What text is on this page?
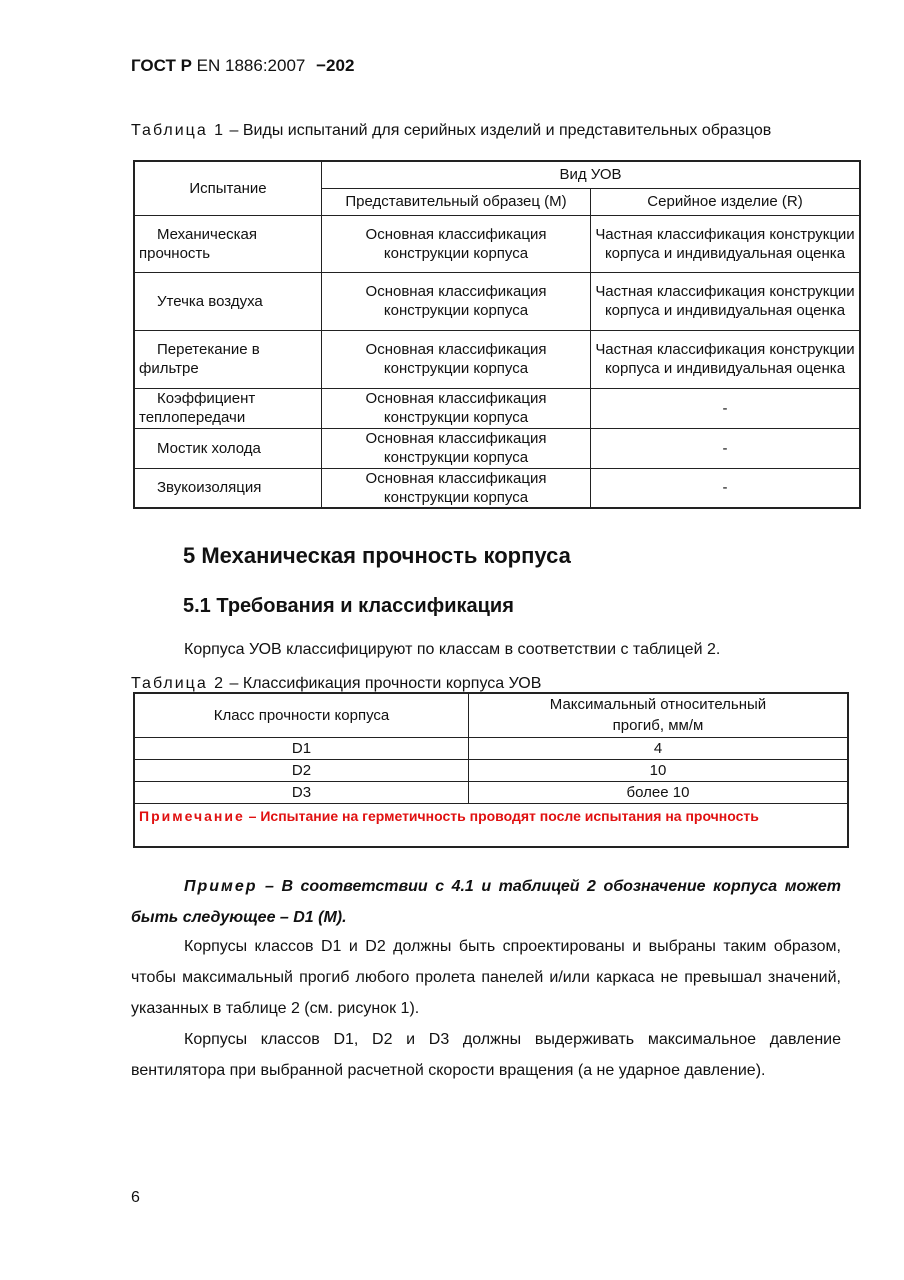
ГОСТ Р EN 1886:2007 −202
Таблица 1 – Виды испытаний для серийных изделий и представительных образцов
Испытание	Вид УОВ	
	Представительный образец (M)	Серийное изделие (R)
Механическая прочность	Основная классификация конструкции корпуса	Частная классификация конструкции корпуса и индивидуальная оценка
Утечка воздуха	Основная классификация конструкции корпуса	Частная классификация конструкции корпуса и индивидуальная оценка
Перетекание в фильтре	Основная классификация конструкции корпуса	Частная классификация конструкции корпуса и индивидуальная оценка
Коэффициент теплопередачи	Основная классификация конструкции корпуса	-
Мостик холода	Основная классификация конструкции корпуса	-
Звукоизоляция	Основная классификация конструкции корпуса	-
5 Механическая прочность корпуса
5.1 Требования и классификация
Корпуса УОВ классифицируют по классам в соответствии с таблицей 2.
Таблица 2 – Классификация прочности корпуса УОВ
Класс прочности корпуса	Максимальный относительный прогиб, мм/м
D1	4
D2	10
D3	более 10
Примечание – Испытание на герметичность проводят после испытания на прочность	
Пример – В соответствии с 4.1 и таблицей 2 обозначение корпуса может быть следующее – D1 (M).
Корпусы классов D1 и D2 должны быть спроектированы и выбраны таким образом, чтобы максимальный прогиб любого пролета панелей и/или каркаса не превышал значений, указанных в таблице 2 (см. рисунок 1).
Корпусы классов D1, D2 и D3 должны выдерживать максимальное давление вентилятора при выбранной расчетной скорости вращения (а не ударное давление).
6
